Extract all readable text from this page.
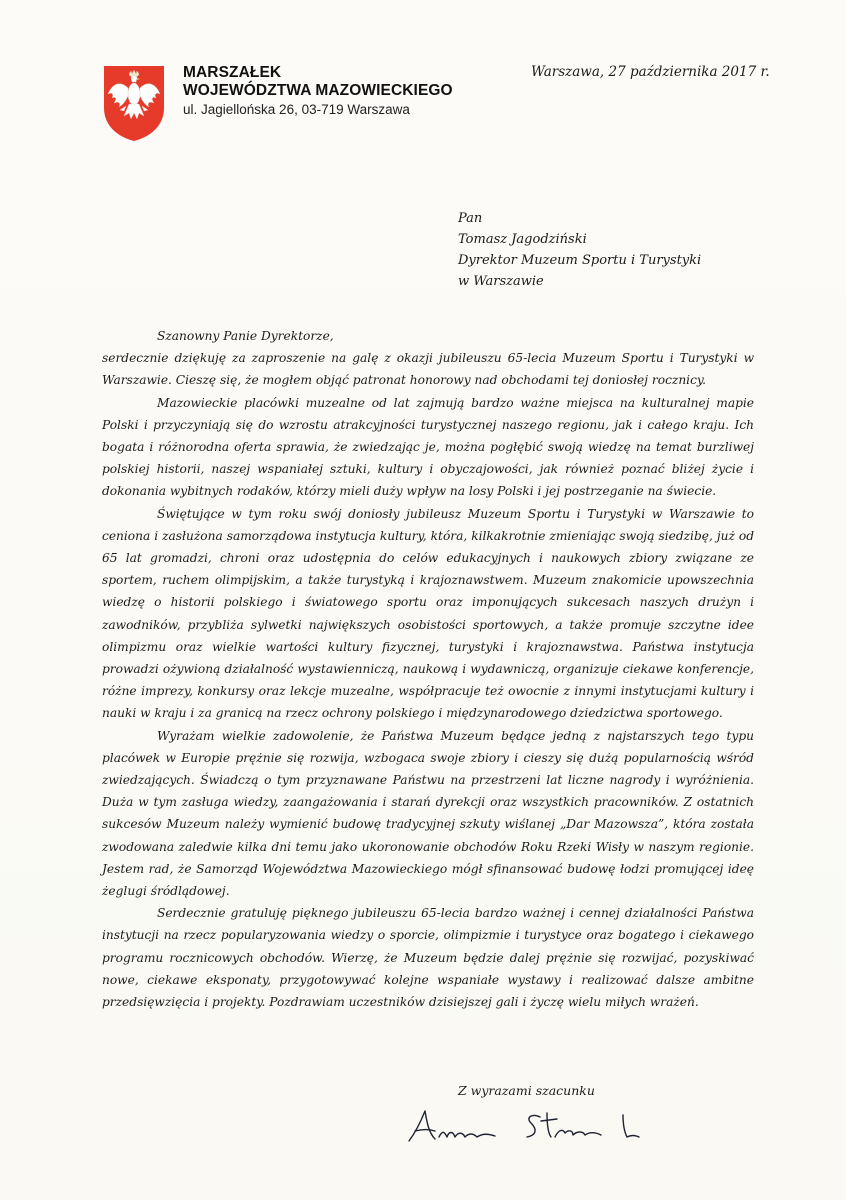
MARSZAŁEK
WOJEWÓDZTWA MAZOWIECKIEGO
ul. Jagiellońska 26, 03-719 Warszawa
Warszawa, 27 października 2017 r.
Pan
Tomasz Jagodziński
Dyrektor Muzeum Sportu i Turystyki
w Warszawie

Szanowny Panie Dyrektorze,

serdecznie dziękuję za zaproszenie na galę z okazji jubileuszu 65-lecia Muzeum Sportu i Turystyki w Warszawie. Cieszę się, że mogłem objąć patronat honorowy nad obchodami tej doniosłej rocznicy.

Mazowieckie placówki muzealne od lat zajmują bardzo ważne miejsca na kulturalnej mapie Polski i przyczyniają się do wzrostu atrakcyjności turystycznej naszego regionu, jak i całego kraju. Ich bogata i różnorodna oferta sprawia, że zwiedzając je, można pogłębić swoją wiedzę na temat burzliwej polskiej historii, naszej wspaniałej sztuki, kultury i obyczajowości, jak również poznać bliżej życie i dokonania wybitnych rodaków, którzy mieli duży wpływ na losy Polski i jej postrzeganie na świecie.

Świętujące w tym roku swój doniosły jubileusz Muzeum Sportu i Turystyki w Warszawie to ceniona i zasłużona samorządowa instytucja kultury, która, kilkakrotnie zmieniając swoją siedzibę, już od 65 lat gromadzi, chroni oraz udostępnia do celów edukacyjnych i naukowych zbiory związane ze sportem, ruchem olimpijskim, a także turystyką i krajoznawstwem. Muzeum znakomicie upowszechnia wiedzę o historii polskiego i światowego sportu oraz imponujących sukcesach naszych drużyn i zawodników, przybliża sylwetki największych osobistości sportowych, a także promuje szczytne idee olimpizmu oraz wielkie wartości kultury fizycznej, turystyki i krajoznawstwa. Państwa instytucja prowadzi ożywioną działalność wystawienniczą, naukową i wydawniczą, organizuje ciekawe konferencje, różne imprezy, konkursy oraz lekcje muzealne, współpracuje też owocnie z innymi instytucjami kultury i nauki w kraju i za granicą na rzecz ochrony polskiego i międzynarodowego dziedzictwa sportowego.

Wyrażam wielkie zadowolenie, że Państwa Muzeum będące jedną z najstarszych tego typu placówek w Europie prężnie się rozwija, wzbogaca swoje zbiory i cieszy się dużą popularnością wśród zwiedzających. Świadczą o tym przyznawane Państwu na przestrzeni lat liczne nagrody i wyróżnienia. Duża w tym zasługa wiedzy, zaangażowania i starań dyrekcji oraz wszystkich pracowników. Z ostatnich sukcesów Muzeum należy wymienić budowę tradycyjnej szkuty wiślanej „Dar Mazowsza”, która została zwodowana zaledwie kilka dni temu jako ukoronowanie obchodów Roku Rzeki Wisły w naszym regionie. Jestem rad, że Samorząd Województwa Mazowieckiego mógł sfinansować budowę łodzi promującej ideę żeglugi śródlądowej.

Serdecznie gratuluję pięknego jubileuszu 65-lecia bardzo ważnej i cennej działalności Państwa instytucji na rzecz popularyzowania wiedzy o sporcie, olimpizmie i turystyce oraz bogatego i ciekawego programu rocznicowych obchodów. Wierzę, że Muzeum będzie dalej prężnie się rozwijać, pozyskiwać nowe, ciekawe eksponaty, przygotowywać kolejne wspaniałe wystawy i realizować dalsze ambitne przedsięwzięcia i projekty. Pozdrawiam uczestników dzisiejszej gali i życzę wielu miłych wrażeń.

Z wyrazami szacunku
